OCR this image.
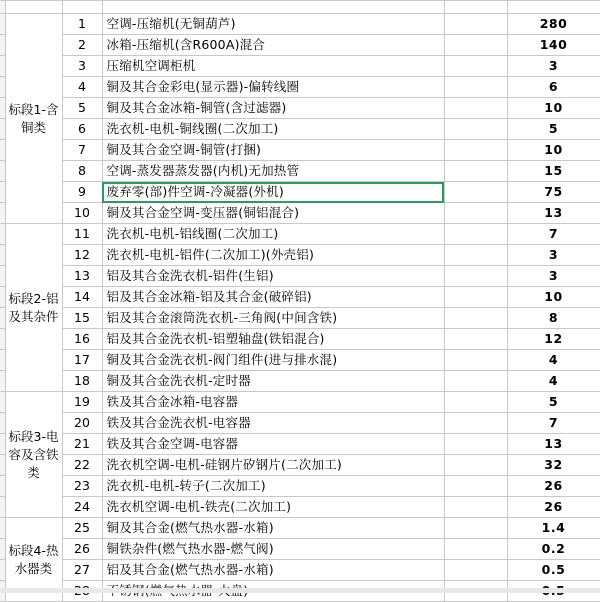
	标段1-含铜类	1	空调-压缩机(无铜葫芦)		280
		2	冰箱-压缩机(含R600A)混合		140
		3	压缩机空调柜机		3
		4	铜及其合金彩电(显示器)-偏转线圈		6
		5	铜及其合金冰箱-铜管(含过滤器)		10
		6	洗衣机-电机-铜线圈(二次加工)		5
		7	铜及其合金空调-铜管(打捆)		10
		8	空调-蒸发器蒸发器(内机)无加热管		15
		9	废弃零(部)件空调-冷凝器(外机)		75
		10	铜及其合金空调-变压器(铜铝混合)		13
	标段2-铝及其杂件	11	洗衣机-电机-铝线圈(二次加工)		7
		12	洗衣机-电机-铝件(二次加工)(外壳铝)		3
		13	铝及其合金洗衣机-铝件(生铝)		3
		14	铝及其合金冰箱-铝及其合金(破碎铝)		10
		15	铝及其合金滚筒洗衣机-三角阀(中间含铁)		8
		16	铝及其合金洗衣机-铝塑轴盘(铁铝混合)		12
		17	铜及其合金洗衣机-阀门组件(进与排水混)		4
		18	铜及其合金洗衣机-定时器		4
	标段3-电容及含铁类	19	铁及其合金冰箱-电容器		5
		20	铁及其合金洗衣机-电容器		7
		21	铁及其合金空调-电容器		13
		22	洗衣机空调-电机-硅钢片矽钢片(二次加工)		32
		23	洗衣机-电机-转子(二次加工)		26
		24	洗衣机空调-电机-铁壳(二次加工)		26
	标段4-热水器类	25	铜及其合金(燃气热水器-水箱)		1.4
		26	铜铁杂件(燃气热水器-燃气阀)		0.2
		27	铝及其合金(燃气热水器-水箱)		0.5
